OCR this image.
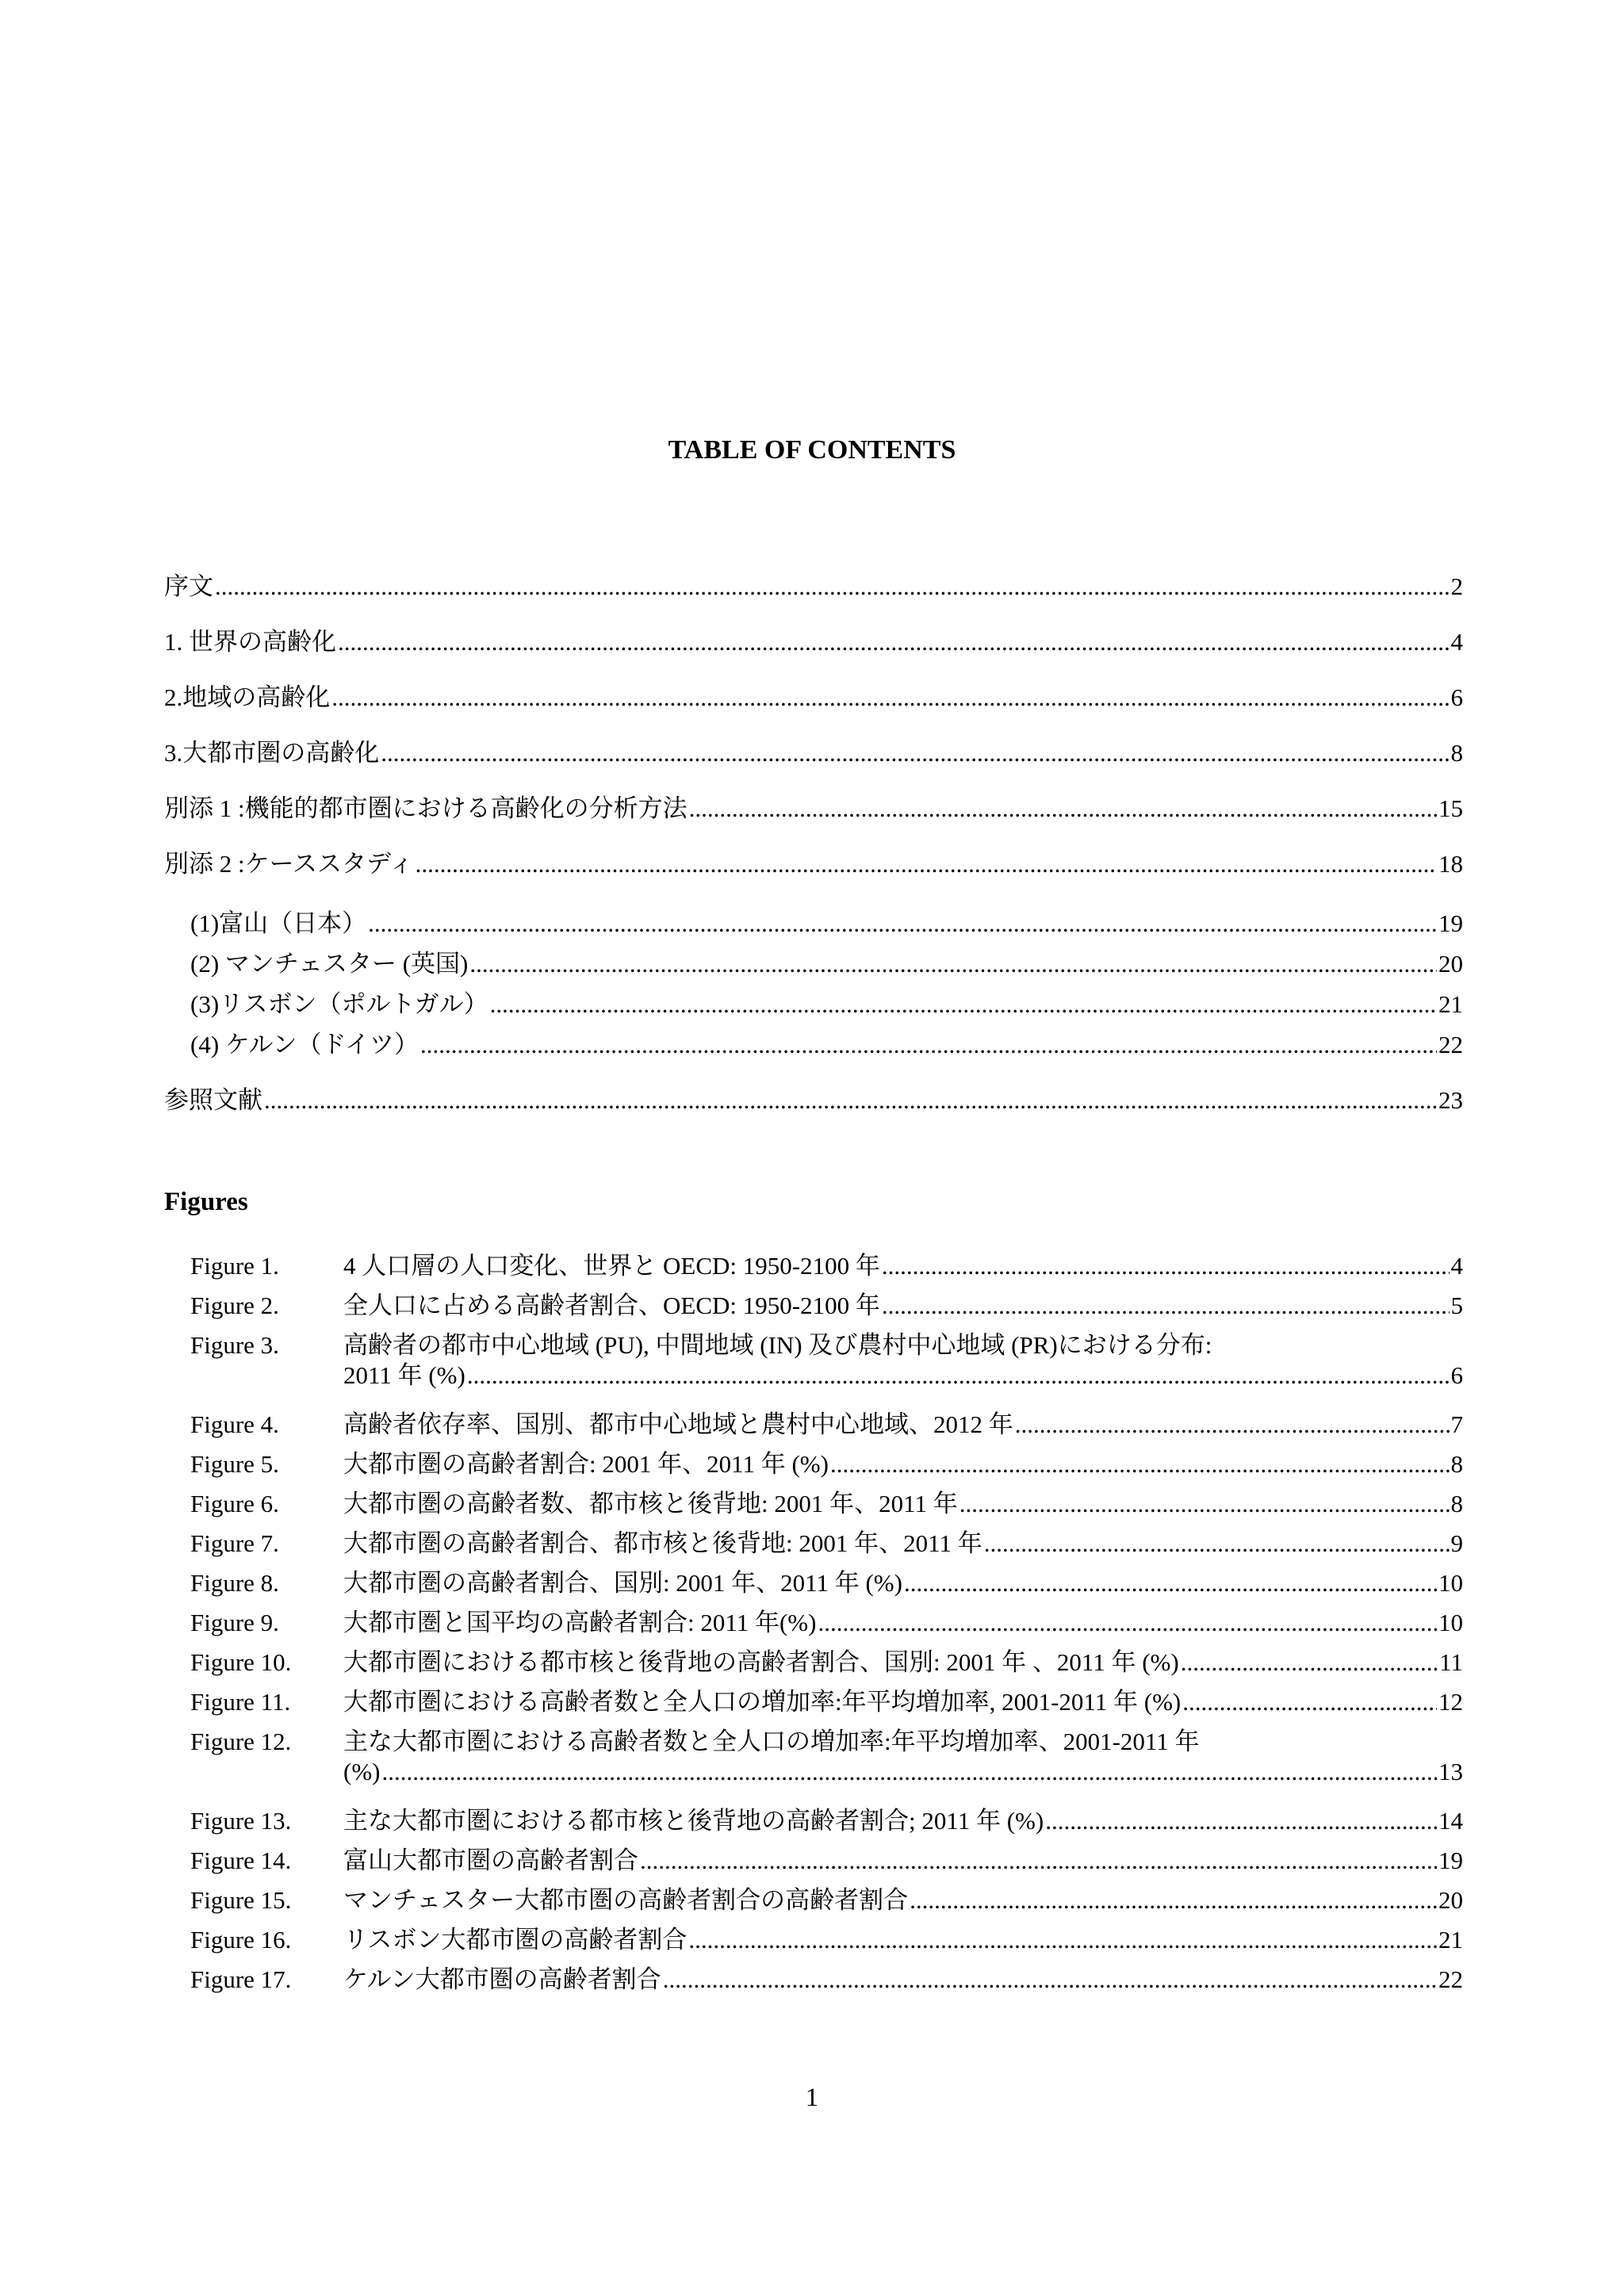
TABLE OF CONTENTS
序文 .....	2
1. 世界の高齢化 .....	4
2.地域の高齢化 .....	6
3.大都市圏の高齢化 .....	8
別添 1 :機能的都市圏における高齢化の分析方法 .....	15
別添 2 :ケーススタディ .....	18
(1)富山（日本） .....	19
(2) マンチェスター (英国) .....	20
(3)リスボン（ポルトガル） .....	21
(4) ケルン（ドイツ） .....	22
参照文献 .....	23
Figures
Figure 1.	4 人口層の人口変化、世界と OECD: 1950-2100 年 .....	4
Figure 2.	全人口に占める高齢者割合、OECD: 1950-2100 年 .....	5
Figure 3.	高齢者の都市中心地域 (PU), 中間地域 (IN) 及び農村中心地域 (PR)における分布:
2011 年 (%) .....	6
Figure 4.	高齢者依存率、国別、都市中心地域と農村中心地域、2012 年 .....	7
Figure 5.	大都市圏の高齢者割合: 2001 年、2011 年 (%) .....	8
Figure 6.	大都市圏の高齢者数、都市核と後背地: 2001 年、2011 年 .....	8
Figure 7.	大都市圏の高齢者割合、都市核と後背地: 2001 年、2011 年 .....	9
Figure 8.	大都市圏の高齢者割合、国別: 2001 年、2011 年 (%) .....	10
Figure 9.	大都市圏と国平均の高齢者割合: 2011 年(%) .....	10
Figure 10. 大都市圏における都市核と後背地の高齢者割合、国別: 2001 年 、2011 年 (%) .....	11
Figure 11. 大都市圏における高齢者数と全人口の増加率:年平均増加率, 2001-2011 年 (%) .....	12
Figure 12. 主な大都市圏における高齢者数と全人口の増加率:年平均増加率、2001-2011 年
(%) .....	13
Figure 13. 主な大都市圏における都市核と後背地の高齢者割合; 2011 年 (%) .....	14
Figure 14. 富山大都市圏の高齢者割合 .....	19
Figure 15. マンチェスター大都市圏の高齢者割合の高齢者割合 .....	20
Figure 16. リスボン大都市圏の高齢者割合 .....	21
Figure 17. ケルン大都市圏の高齢者割合 .....	22
1
